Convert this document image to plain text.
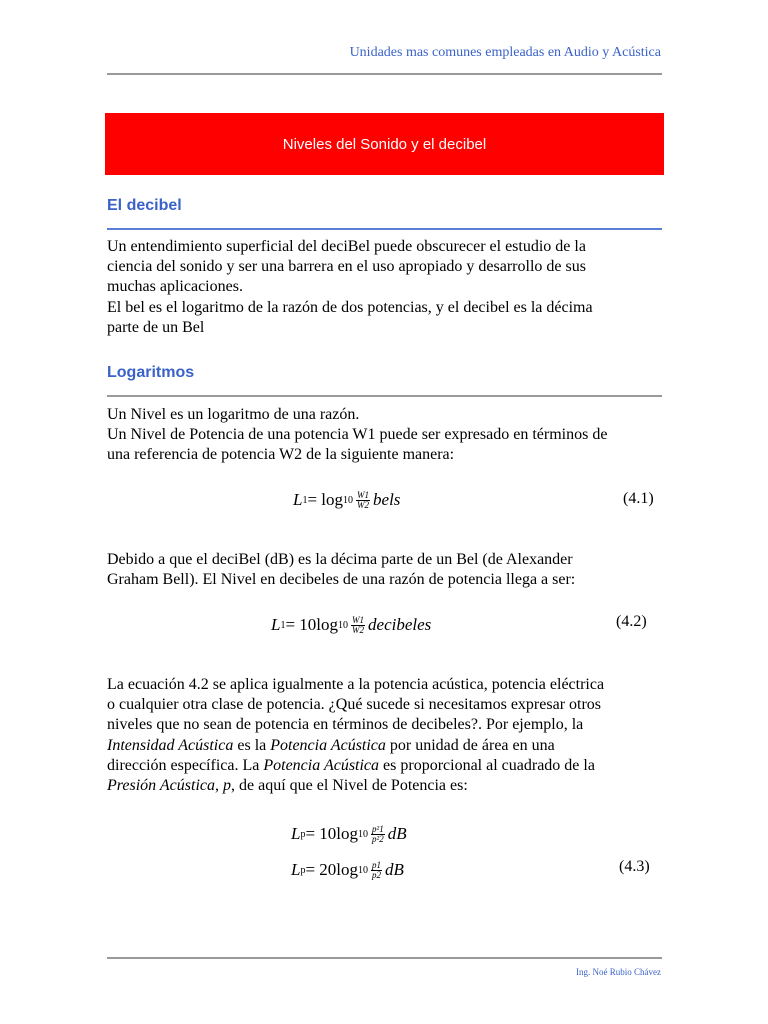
Unidades mas comunes empleadas en Audio y Acústica
Niveles del Sonido y el decibel
El decibel

Un entendimiento superficial del deciBel puede obscurecer el estudio de la

ciencia del sonido y ser una barrera en el uso apropiado y desarrollo de sus

muchas aplicaciones.

El bel es el logaritmo de la razón de dos potencias, y el decibel es la décima

parte de un Bel

Logaritmos

Un Nivel es un logaritmo de una razón.

Un Nivel de Potencia de una potencia W1 puede ser expresado en términos de

una referencia de potencia W2 de la siguiente manera:

L $1 = \log 10 \frac{W1}{W2}$ bels	(4.1)

Debido a que el deciBel (dB) es la décima parte de un Bel (de Alexander

Graham Bell). El Nivel en decibeles de una razón de potencia llega a ser:

L 1 = 10log $10 \frac{W1}{W2}$ decibeles	(4.2)

La ecuación 4.2 se aplica igualmente a la potencia acústica, potencia eléctrica

o cualquier otra clase de potencia. ¿Qué sucede si necesitamos expresar otros

niveles que no sean de potencia en términos de decibeles?. Por ejemplo, la

Intensidad Acústica es la Potencia Acústica por unidad de área en una

dirección específica. La Potencia Acústica es proporcional al cuadrado de la

Presión Acústica, p, de aquí que el Nivel de Potencia es:

L p = 10log $10 \frac{\text{p²1}}{\text{p²2}}$ dB
L p = 20log $10 \frac{p1}{p2}$ dB	(4.3)
Ing. Noé Rubio Chávez
